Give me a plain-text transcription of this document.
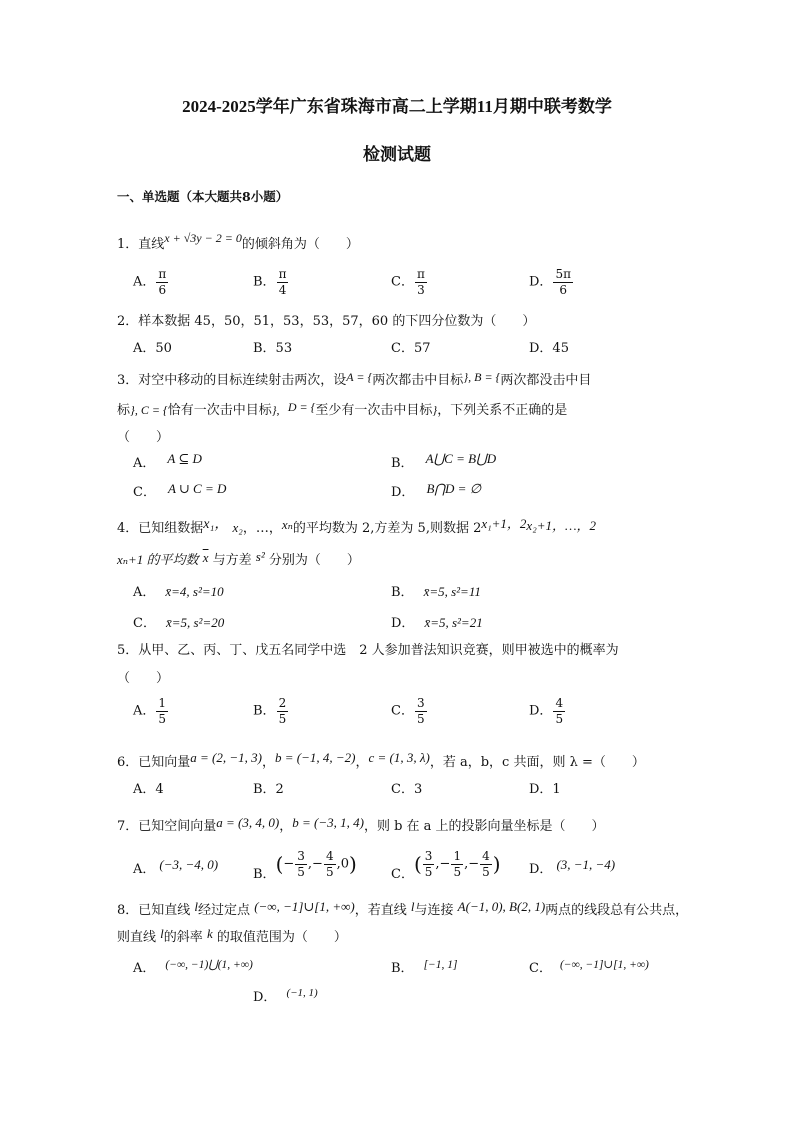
2024-2025学年广东省珠海市高二上学期11月期中联考数学
检测试题
一、单选题（本大题共8小题）
1．直线x + √3y − 2 = 0的倾斜角为（　　）
A． $\frac{\pi}{6}$	B． $\frac{\pi}{4}$	C． $\frac{\pi}{3}$	D． $\frac{5\pi}{6}$
2．样本数据 45，50，51，53，53，57，60 的下四分位数为（　　）
A．50	B．53	C．57	D．45
3．对空中移动的目标连续射击两次，设A = {两次都击中目标}, B = {两次都没击中目
标}, C = {恰有一次击中目标}, D = {至少有一次击中目标}，下列关系不正确的是
（　　）
A． A ⊆ D	B． A⋃C = B⋃D
C． A ∪ C = D	D． B⋂D = ∅
4．已知组数据x₁， x₂，…，xₙ的平均数为 2,方差为 5,则数据 2x₁+1，2x₂+1，…，2
xₙ+1 的平均数 $\overline{x}$ 与方差 s² 分别为（　　）
A． x̄=4, s²=10	B． x̄=5, s²=11
C． x̄=5, s²=20	D． x̄=5, s²=21
5．从甲、乙、丙、丁、戊五名同学中选　2 人参加普法知识竞赛，则甲被选中的概率为
（　　）
A． $\frac{1}{5}$	B． $\frac{2}{5}$	C． $\frac{3}{5}$	D． $\frac{4}{5}$
6．已知向量a = (2, −1, 3)，b = (−1, 4, −2)，c = (1, 3, λ)，若 a，b，c 共面，则 λ =（　　）
A．4	B．2	C．3	D．1
7．已知空间向量a = (3, 4, 0)，b = (−3, 1, 4)，则 b 在 a 上的投影向量坐标是（　　）
A． (−3, −4, 0)
B．(− $\frac{3}{5}$ ,− $\frac{4}{5} ,0$)	C．( $\frac{3}{5}$ ,− $\frac{1}{5}$ ,− $\frac{4}{5}$ ) D． (3, −1, −4)
8．已知直线 l经过定点 (−∞, −1]∪[1, +∞)，若直线 l与连接 A(−1, 0), B(2, 1)两点的线段总有公共点，
则直线 l的斜率 k 的取值范围为（　　）
A． (−∞, −1)⋃(1, +∞)	B． [−1, 1]	C． (−∞, −1]∪[1, +∞)
D． $^{(-1, 1)}$
